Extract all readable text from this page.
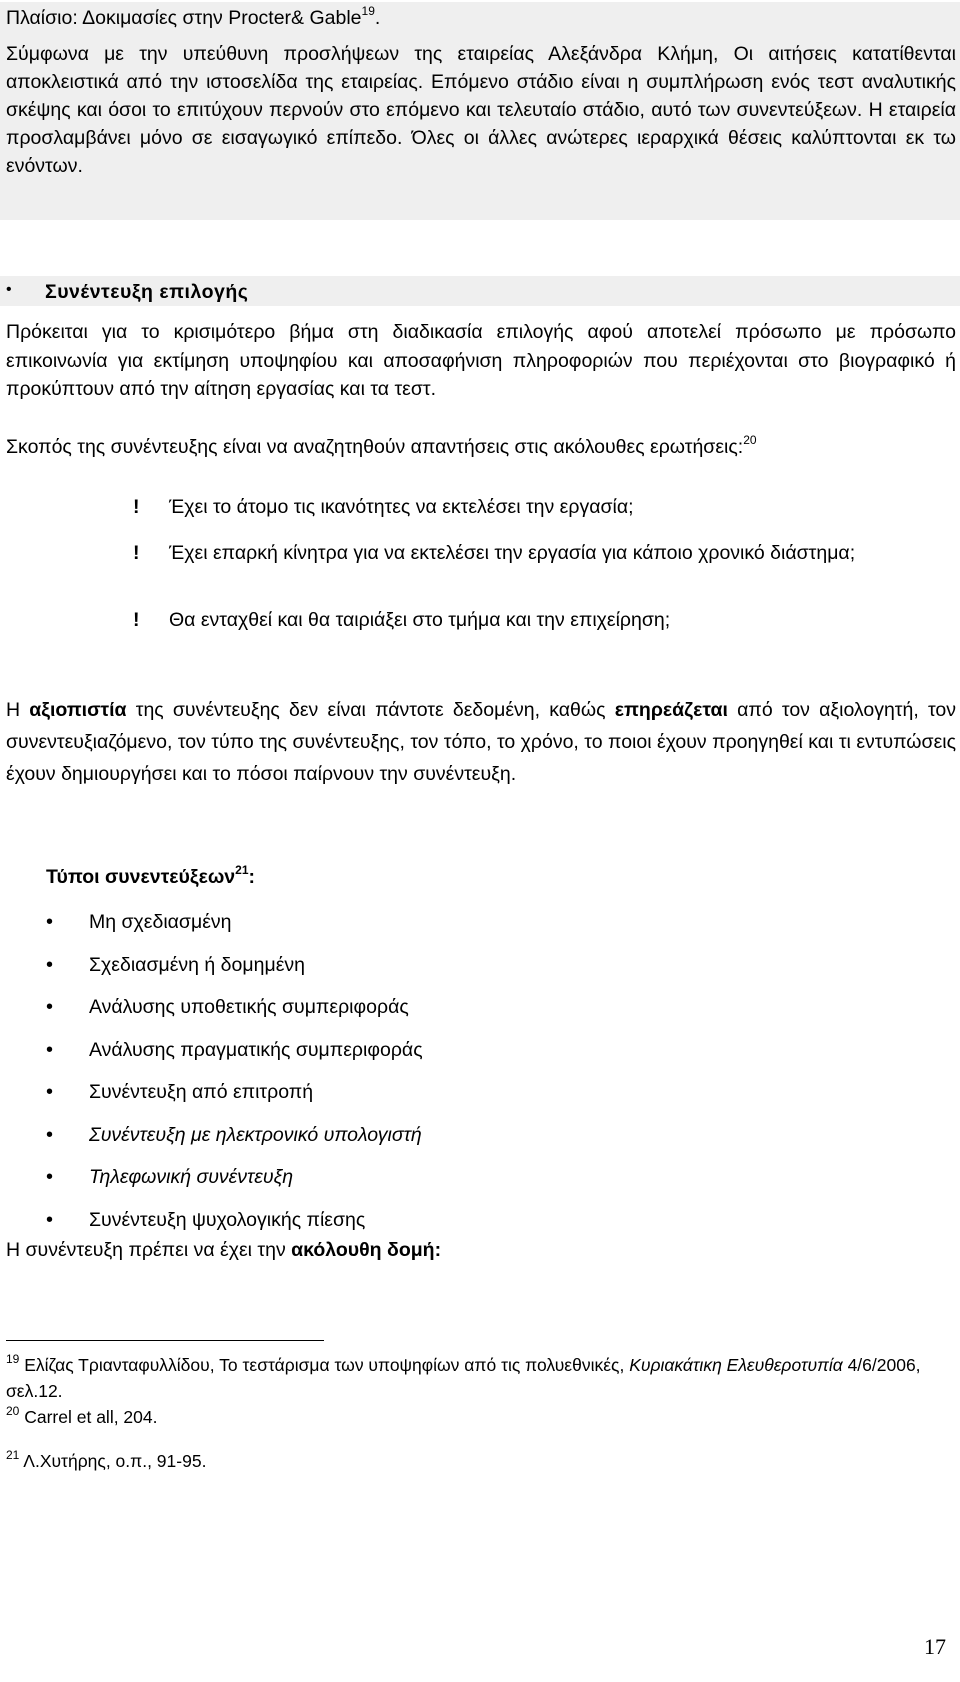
Πλαίσιο: Δοκιμασίες στην Procter& Gable$^{19}$.
Σύμφωνα με την υπεύθυνη προσλήψεων της εταιρείας Αλεξάνδρα Κλήμη, Οι αιτήσεις κατατίθενται αποκλειστικά από την ιστοσελίδα της εταιρείας. Επόμενο στάδιο είναι η συμπλήρωση ενός τεστ αναλυτικής σκέψης και όσοι το επιτύχουν περνούν στο επόμενο και τελευταίο στάδιο, αυτό των συνεντεύξεων. Η εταιρεία προσλαμβάνει μόνο σε εισαγωγικό επίπεδο. Όλες οι άλλες ανώτερες ιεραρχικά θέσεις καλύπτονται εκ τω ενόντων.
• Συνέντευξη επιλογής
Πρόκειται για το κρισιμότερο βήμα στη διαδικασία επιλογής αφού αποτελεί πρόσωπο με πρόσωπο επικοινωνία για εκτίμηση υποψηφίου και αποσαφήνιση πληροφοριών που περιέχονται στο βιογραφικό ή προκύπτουν από την αίτηση εργασίας και τα τεστ.
Σκοπός της συνέντευξης είναι να αναζητηθούν απαντήσεις στις ακόλουθες ερωτήσεις:$^{20}$
! Έχει το άτομο τις ικανότητες να εκτελέσει την εργασία;
! Έχει επαρκή κίνητρα για να εκτελέσει την εργασία για κάποιο χρονικό διάστημα;
! Θα ενταχθεί και θα ταιριάξει στο τμήμα και την επιχείρηση;
Η αξιοπιστία της συνέντευξης δεν είναι πάντοτε δεδομένη, καθώς επηρεάζεται από τον αξιολογητή, τον συνεντευξιαζόμενο, τον τύπο της συνέντευξης, τον τόπο, το χρόνο, το ποιοι έχουν προηγηθεί και τι εντυπώσεις έχουν δημιουργήσει και το πόσοι παίρνουν την συνέντευξη.
Τύποι συνεντεύξεων$^{21}$:
• Μη σχεδιασμένη
• Σχεδιασμένη ή δομημένη
• Ανάλυσης υποθετικής συμπεριφοράς
• Ανάλυσης πραγματικής συμπεριφοράς
• Συνέντευξη από επιτροπή
• Συνέντευξη με ηλεκτρονικό υπολογιστή
• Τηλεφωνική συνέντευξη
• Συνέντευξη ψυχολογικής πίεσης
Η συνέντευξη πρέπει να έχει την ακόλουθη δομή:
$^{19}$ Ελίζας Τριανταφυλλίδου, Το τεστάρισμα των υποψηφίων από τις πολυεθνικές, Κυριακάτικη Ελευθεροτυπία 4/6/2006, σελ.12.
$^{20}$ Carrel et all, 204.
$^{21}$ Λ.Χυτήρης, ο.π., 91-95.
17
